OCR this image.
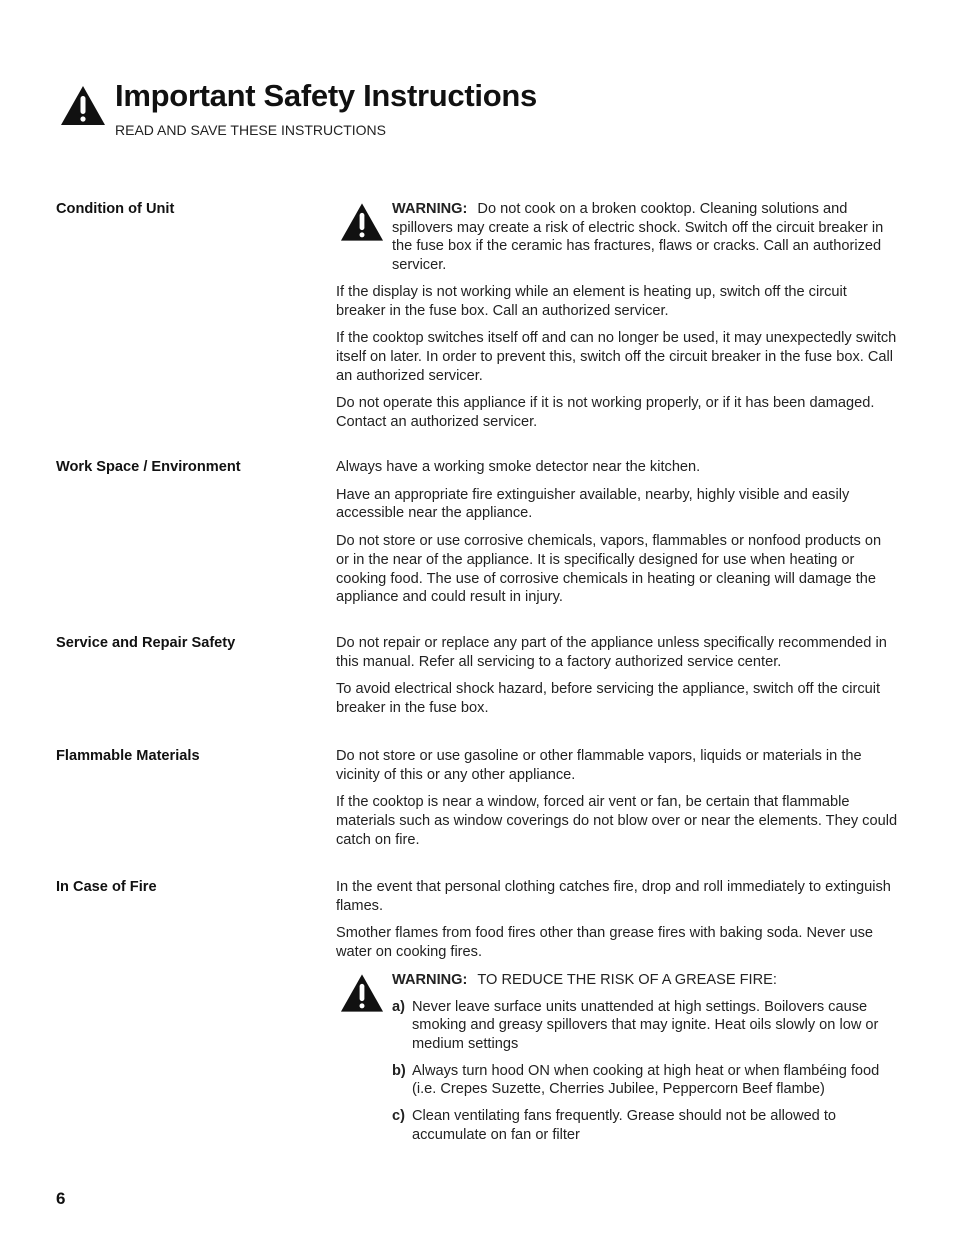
Important Safety Instructions
READ AND SAVE THESE INSTRUCTIONS
Condition of Unit	WARNING: Do not cook on a broken cooktop. Cleaning solutions and spillovers may create a risk of electric shock. Switch off the circuit breaker in the fuse box if the ceramic has fractures, flaws or cracks. Call an authorized servicer.

If the display is not working while an element is heating up, switch off the circuit breaker in the fuse box. Call an authorized servicer.

If the cooktop switches itself off and can no longer be used, it may unexpectedly switch itself on later. In order to prevent this, switch off the circuit breaker in the fuse box. Call an authorized servicer.

Do not operate this appliance if it is not working properly, or if it has been damaged. Contact an authorized servicer.

Work Space / Environment	Always have a working smoke detector near the kitchen.

Have an appropriate fire extinguisher available, nearby, highly visible and easily accessible near the appliance.

Do not store or use corrosive chemicals, vapors, flammables or nonfood products on or in the near of the appliance. It is specifically designed for use when heating or cooking food. The use of corrosive chemicals in heating or cleaning will damage the appliance and could result in injury.

Service and Repair Safety	Do not repair or replace any part of the appliance unless specifically recommended in this manual. Refer all servicing to a factory authorized service center.

To avoid electrical shock hazard, before servicing the appliance, switch off the circuit breaker in the fuse box.

Flammable Materials	Do not store or use gasoline or other flammable vapors, liquids or materials in the vicinity of this or any other appliance.

If the cooktop is near a window, forced air vent or fan, be certain that flammable materials such as window coverings do not blow over or near the elements. They could catch on fire.

In Case of Fire	In the event that personal clothing catches fire, drop and roll immediately to extinguish flames.

Smother flames from food fires other than grease fires with baking soda. Never use water on cooking fires.

WARNING: TO REDUCE THE RISK OF A GREASE FIRE:

a) Never leave surface units unattended at high settings. Boilovers cause smoking and greasy spillovers that may ignite. Heat oils slowly on low or medium settings
b) Always turn hood ON when cooking at high heat or when flambéing food (i.e. Crepes Suzette, Cherries Jubilee, Peppercorn Beef flambe)
c) Clean ventilating fans frequently. Grease should not be allowed to accumulate on fan or filter
6
